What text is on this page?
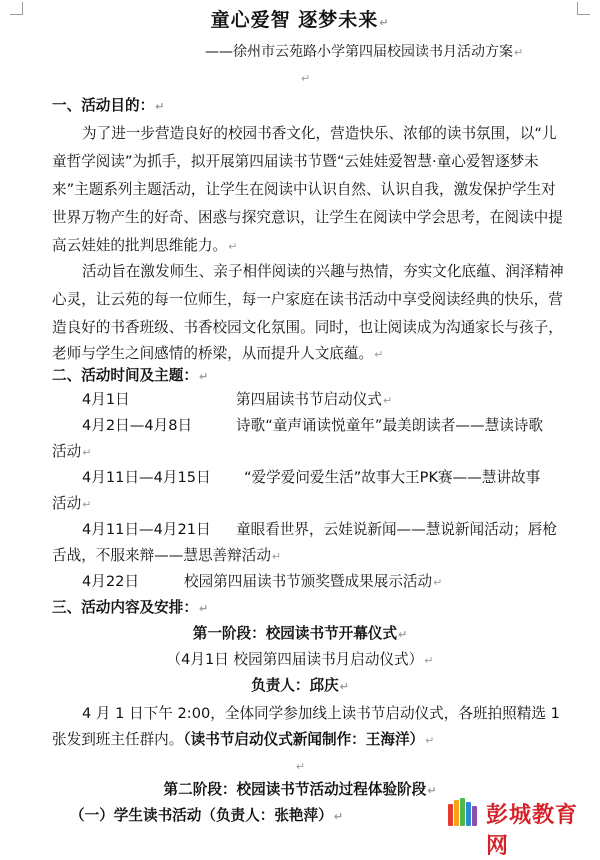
童心爱智 逐梦未来↵
——徐州市云苑路小学第四届校园读书月活动方案↵
↵
一、活动目的：↵
为了进一步营造良好的校园书香文化，营造快乐、浓郁的读书氛围，以“儿
童哲学阅读”为抓手，拟开展第四届读书节暨“云娃娃爱智慧·童心爱智逐梦未
来”主题系列主题活动，让学生在阅读中认识自然、认识自我，激发保护学生对
世界万物产生的好奇、困惑与探究意识，让学生在阅读中学会思考，在阅读中提
高云娃娃的批判思维能力。↵
活动旨在激发师生、亲子相伴阅读的兴趣与热情，夯实文化底蕴、润泽精神
心灵，让云苑的每一位师生，每一户家庭在读书活动中享受阅读经典的快乐，营
造良好的书香班级、书香校园文化氛围。同时，也让阅读成为沟通家长与孩子，
老师与学生之间感情的桥梁，从而提升人文底蕴。↵
二、活动时间及主题：↵
4月1日	第四届读书节启动仪式↵
4月2日—4月8日	诗歌“童声诵读悦童年”最美朗读者——慧读诗歌
活动↵
4月11日—4月15日 “爱学爱问爱生活”故事大王PK赛——慧讲故事
活动↵
4月11日—4月21日 童眼看世界，云娃说新闻——慧说新闻活动；唇枪
舌战，不服来辩——慧思善辩活动↵
4月22日	校园第四届读书节颁奖暨成果展示活动↵
三、活动内容及安排：↵
第一阶段：校园读书节开幕仪式↵
（4月1日 校园第四届读书月启动仪式）↵
负责人：邱庆↵
4 月 1 日下午 2:00，全体同学参加线上读书节启动仪式，各班拍照精选 1
张发到班主任群内。（读书节启动仪式新闻制作：王海洋）↵
↵
第二阶段：校园读书节活动过程体验阶段↵
（一）学生读书活动（负责人：张艳萍）↵	彭城教育网
